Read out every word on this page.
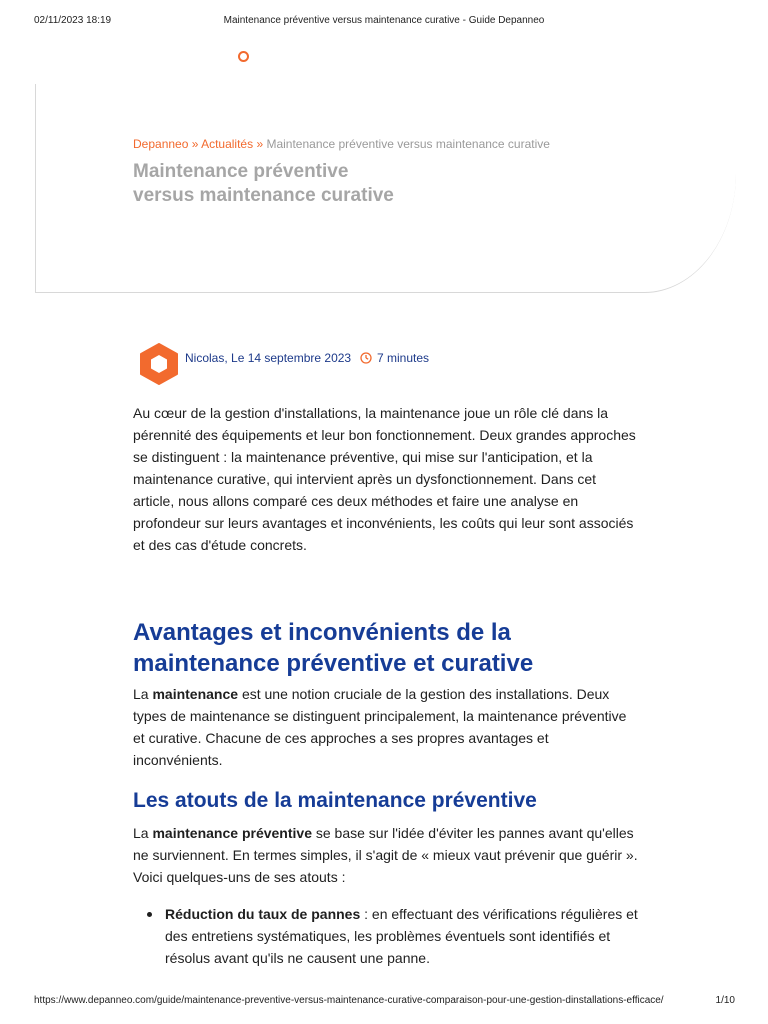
02/11/2023 18:19	Maintenance préventive versus maintenance curative - Guide Depanneo
Depanneo » Actualités » Maintenance préventive versus maintenance curative
Maintenance préventive versus maintenance curative
Nicolas, Le 14 septembre 2023 7 minutes

Au cœur de la gestion d'installations, la maintenance joue un rôle clé dans la pérennité des équipements et leur bon fonctionnement. Deux grandes approches se distinguent : la maintenance préventive, qui mise sur l'anticipation, et la maintenance curative, qui intervient après un dysfonctionnement. Dans cet article, nous allons comparé ces deux méthodes et faire une analyse en profondeur sur leurs avantages et inconvénients, les coûts qui leur sont associés et des cas d'étude concrets.

Avantages et inconvénients de la maintenance préventive et curative

La maintenance est une notion cruciale de la gestion des installations. Deux types de maintenance se distinguent principalement, la maintenance préventive et curative. Chacune de ces approches a ses propres avantages et inconvénients.

Les atouts de la maintenance préventive

La maintenance préventive se base sur l'idée d'éviter les pannes avant qu'elles ne surviennent. En termes simples, il s'agit de « mieux vaut prévenir que guérir ». Voici quelques-uns de ses atouts :

Réduction du taux de pannes : en effectuant des vérifications régulières et des entretiens systématiques, les problèmes éventuels sont identifiés et résolus avant qu'ils ne causent une panne.
https://www.depanneo.com/guide/maintenance-preventive-versus-maintenance-curative-comparaison-pour-une-gestion-dinstallations-efficace/	1/10
